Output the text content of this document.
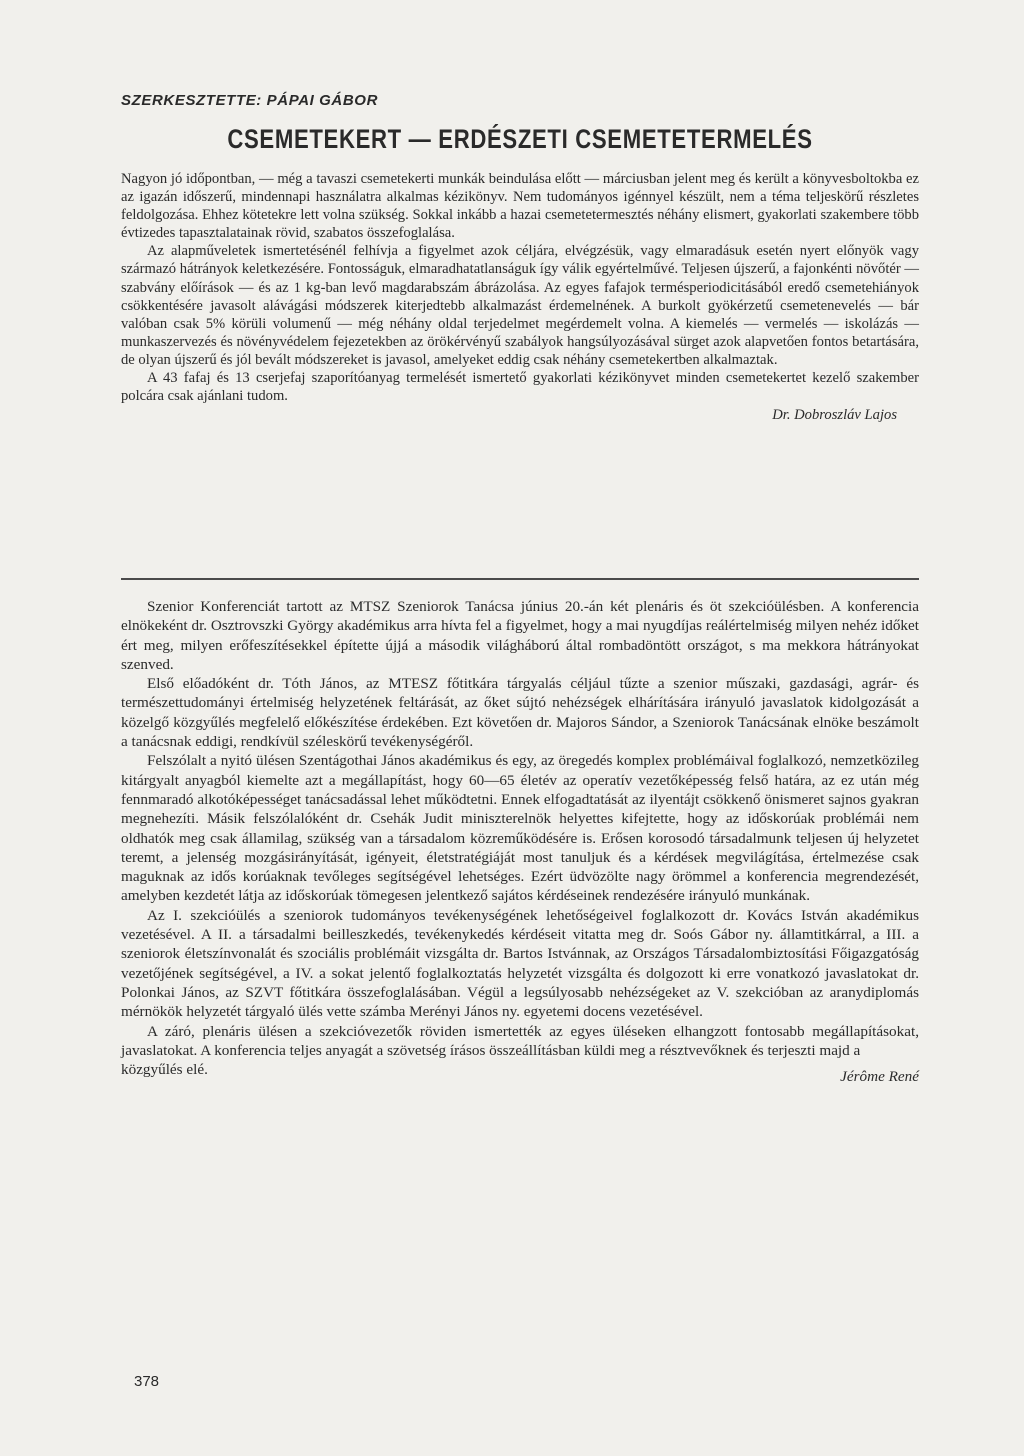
SZERKESZTETTE: PÁPAI GÁBOR
CSEMETEKERT — ERDÉSZETI CSEMETETERMELÉS

Nagyon jó időpontban, — még a tavaszi csemetekerti munkák beindulása előtt — márciusban jelent meg és került a könyvesboltokba ez az igazán időszerű, mindennapi használatra alkalmas kézikönyv. Nem tudományos igénnyel készült, nem a téma teljeskörű részletes feldolgozása. Ehhez kötetekre lett volna szükség. Sokkal inkább a hazai csemetetermesztés néhány elismert, gyakorlati szakembere több évtizedes tapasztalatainak rövid, szabatos összefoglalása.

Az alapműveletek ismertetésénél felhívja a figyelmet azok céljára, elvégzésük, vagy elmaradásuk esetén nyert előnyök vagy származó hátrányok keletkezésére. Fontosságuk, elmaradhatatlanságuk így válik egyértelművé. Teljesen újszerű, a fajonkénti növőtér — szabvány előírások — és az 1 kg-ban levő magdarabszám ábrázolása. Az egyes fafajok termésperiodicitásából eredő csemetehiányok csökkentésére javasolt alávágási módszerek kiterjedtebb alkalmazást érdemelnének. A burkolt gyökérzetű csemetenevelés — bár valóban csak 5% körüli volumenű — még néhány oldal terjedelmet megérdemelt volna. A kiemelés — vermelés — iskolázás — munkaszervezés és növényvédelem fejezetekben az örökérvényű szabályok hangsúlyozásával sürget azok alapvetően fontos betartására, de olyan újszerű és jól bevált módszereket is javasol, amelyeket eddig csak néhány csemetekertben alkalmaztak.

A 43 fafaj és 13 cserjefaj szaporítóanyag termelését ismertető gyakorlati kézikönyvet minden csemetekertet kezelő szakember polcára csak ajánlani tudom.

Dr. Dobroszláv Lajos

Szenior Konferenciát tartott az MTSZ Szeniorok Tanácsa június 20.-án két plenáris és öt szekcióülésben. A konferencia elnökeként dr. Osztrovszki György akadémikus arra hívta fel a figyelmet, hogy a mai nyugdíjas reálértelmiség milyen nehéz időket ért meg, milyen erőfeszítésekkel építette újjá a második világháború által rombadöntött országot, s ma mekkora hátrányokat szenved.

Első előadóként dr. Tóth János, az MTESZ főtitkára tárgyalás céljául tűzte a szenior műszaki, gazdasági, agrár- és természettudományi értelmiség helyzetének feltárását, az őket sújtó nehézségek elhárítására irányuló javaslatok kidolgozását a közelgő közgyűlés megfelelő előkészítése érdekében. Ezt követően dr. Majoros Sándor, a Szeniorok Tanácsának elnöke beszámolt a tanácsnak eddigi, rendkívül széleskörű tevékenységéről.

Felszólalt a nyitó ülésen Szentágothai János akadémikus és egy, az öregedés komplex problémáival foglalkozó, nemzetközileg kitárgyalt anyagból kiemelte azt a megállapítást, hogy 60—65 életév az operatív vezetőképesség felső határa, az ez után még fennmaradó alkotóképességet tanácsadással lehet működtetni. Ennek elfogadtatását az ilyentájt csökkenő önismeret sajnos gyakran megnehezíti. Másik felszólalóként dr. Csehák Judit miniszterelnök helyettes kifejtette, hogy az időskorúak problémái nem oldhatók meg csak államilag, szükség van a társadalom közreműködésére is. Erősen korosodó társadalmunk teljesen új helyzetet teremt, a jelenség mozgásirányítását, igényeit, életstratégiáját most tanuljuk és a kérdések megvilágítása, értelmezése csak maguknak az idős korúaknak tevőleges segítségével lehetséges. Ezért üdvözölte nagy örömmel a konferencia megrendezését, amelyben kezdetét látja az időskorúak tömegesen jelentkező sajátos kérdéseinek rendezésére irányuló munkának.

Az I. szekcióülés a szeniorok tudományos tevékenységének lehetőségeivel foglalkozott dr. Kovács István akadémikus vezetésével. A II. a társadalmi beilleszkedés, tevékenykedés kérdéseit vitatta meg dr. Soós Gábor ny. államtitkárral, a III. a szeniorok életszínvonalát és szociális problémáit vizsgálta dr. Bartos Istvánnak, az Országos Társadalombiztosítási Főigazgatóság vezetőjének segítségével, a IV. a sokat jelentő foglalkoztatás helyzetét vizsgálta és dolgozott ki erre vonatkozó javaslatokat dr. Polonkai János, az SZVT főtitkára összefoglalásában. Végül a legsúlyosabb nehézségeket az V. szekcióban az aranydiplomás mérnökök helyzetét tárgyaló ülés vette számba Merényi János ny. egyetemi docens vezetésével.

A záró, plenáris ülésen a szekcióvezetők röviden ismertették az egyes üléseken elhangzott fontosabb megállapításokat, javaslatokat. A konferencia teljes anyagát a szövetség írásos összeállításban küldi meg a résztvevőknek és terjeszti majd a

közgyűlés elé.	Jérôme René
378
